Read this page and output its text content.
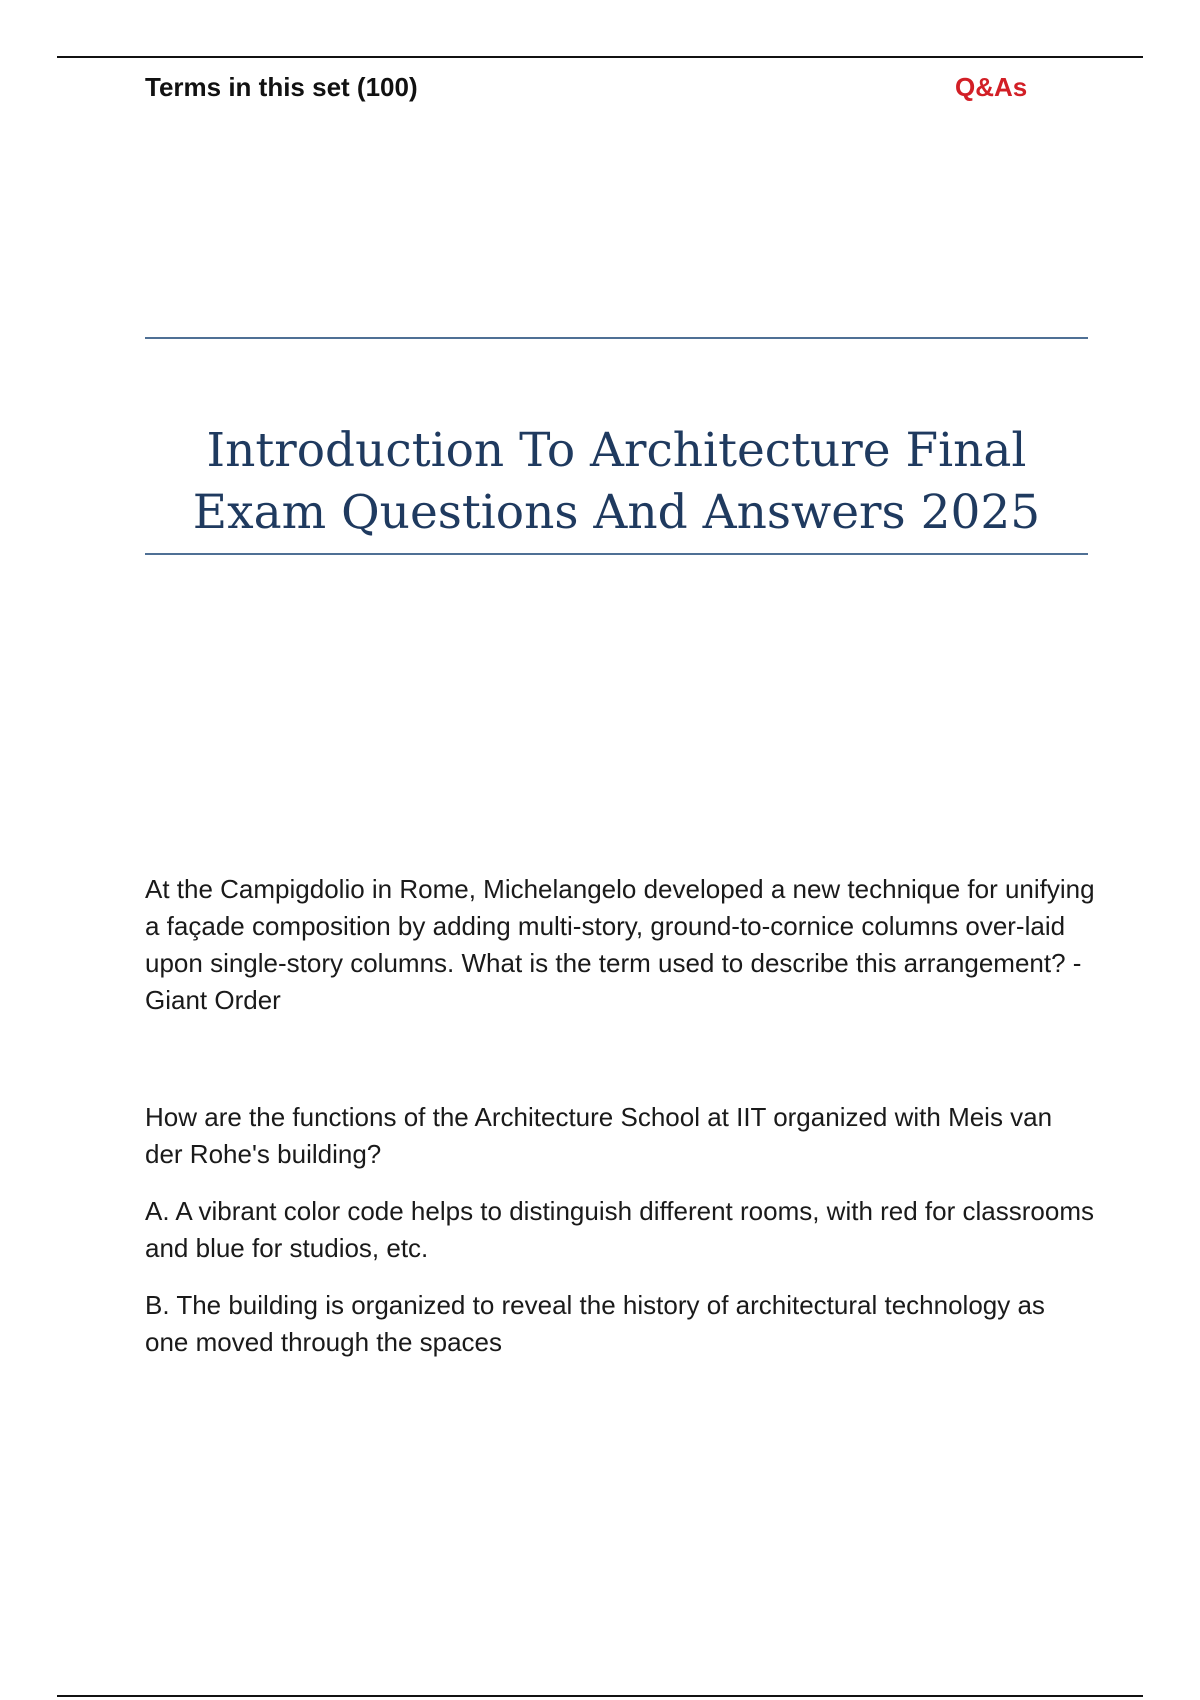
Terms in this set (100)	Q&As

Introduction To Architecture Final Exam Questions And Answers 2025

At the Campigdolio in Rome, Michelangelo developed a new technique for unifying a façade composition by adding multi-story, ground-to-cornice columns over-laid upon single-story columns. What is the term used to describe this arrangement? - Giant Order

How are the functions of the Architecture School at IIT organized with Meis van der Rohe's building?

A. A vibrant color code helps to distinguish different rooms, with red for classrooms and blue for studios, etc.

B. The building is organized to reveal the history of architectural technology as one moved through the spaces
